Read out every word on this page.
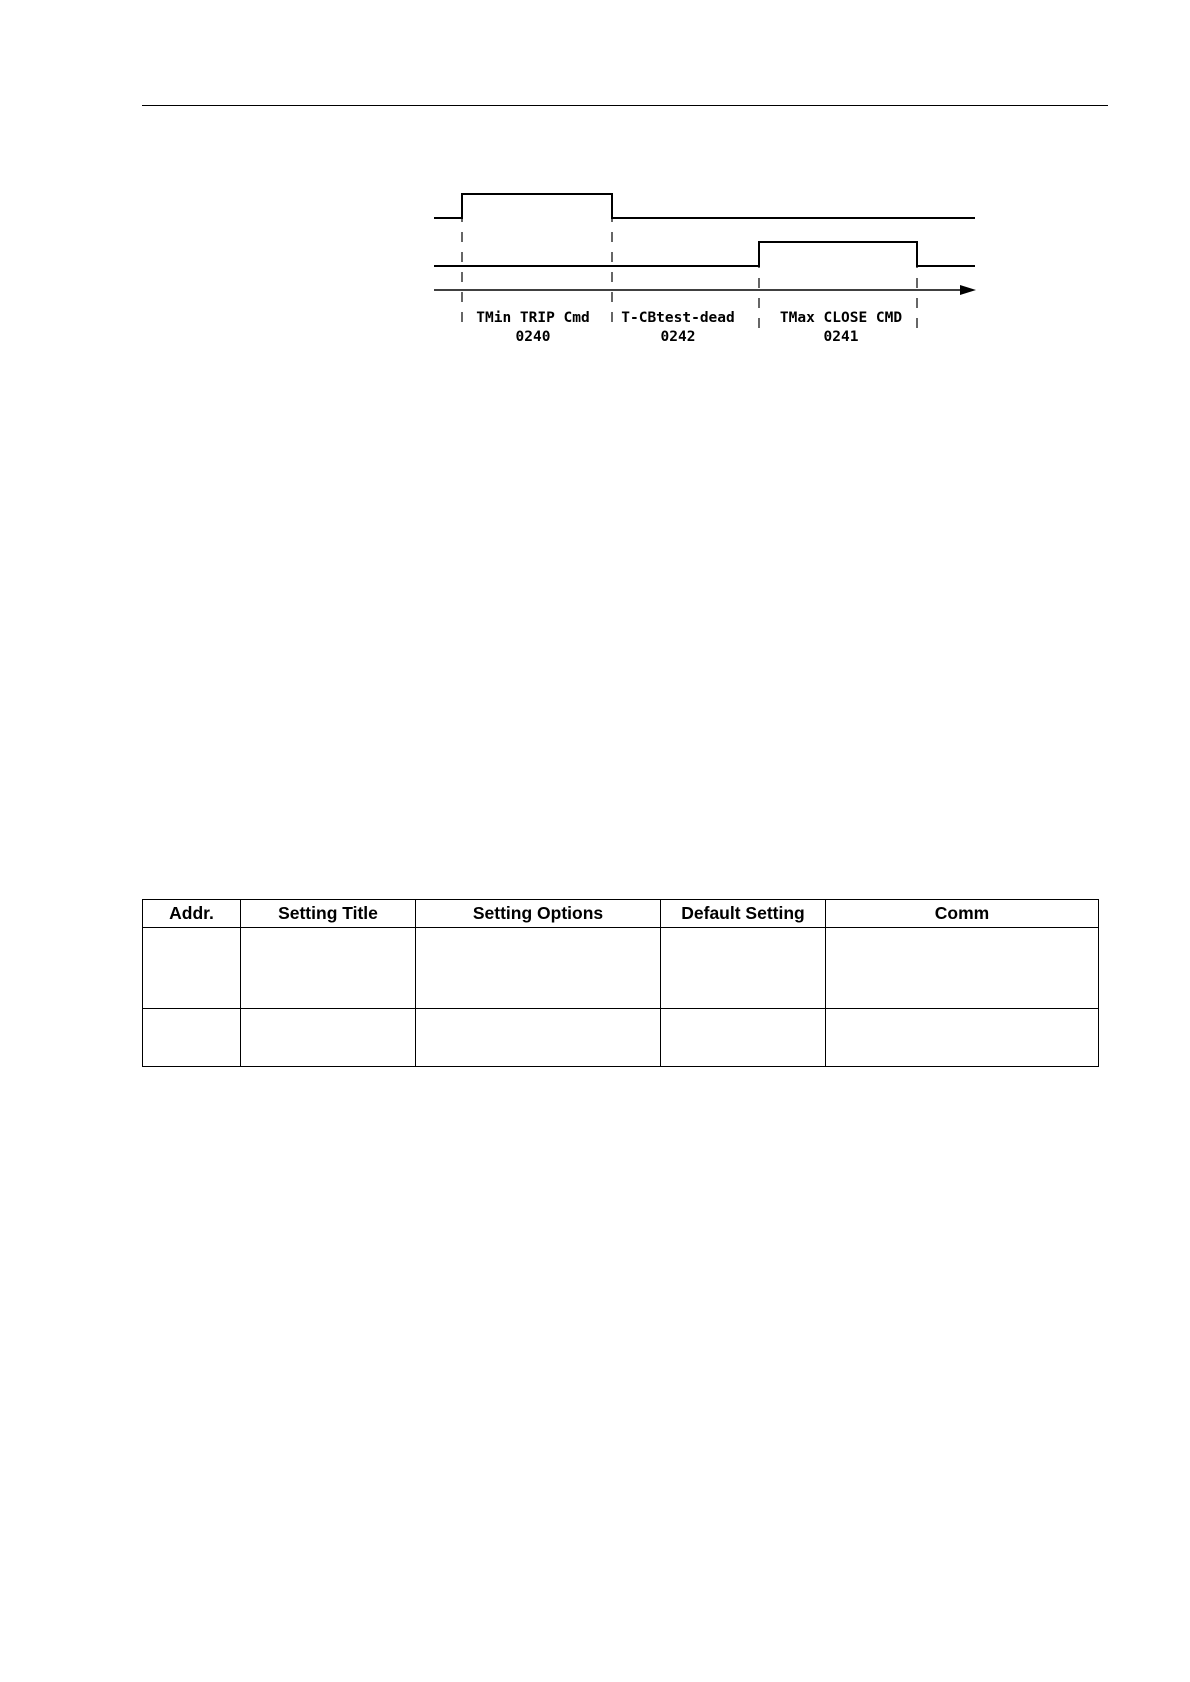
TMin TRIP Cmd
0240
T-CBtest-dead
0242
TMax CLOSE CMD
0241
Addr.	Setting Title	Setting Options	Default Setting	Comm
